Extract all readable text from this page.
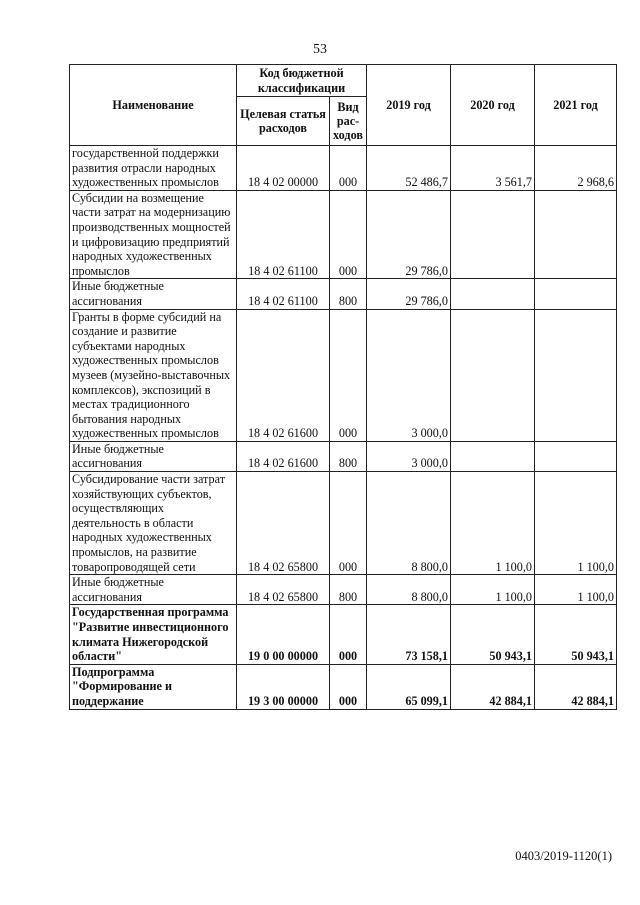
53
Наименование	Код бюджетной классификации		2019 год	2020 год	2021 год
	Целевая статья расходов	Вид рас-ходов			
государственной поддержки развития отрасли народных художественных промыслов	18 4 02 00000	000	52 486,7	3 561,7	2 968,6
Субсидии на возмещение части затрат на модернизацию производственных мощностей и цифровизацию предприятий народных художественных промыслов	18 4 02 61100	000	29 786,0		
Иные бюджетные ассигнования	18 4 02 61100	800	29 786,0		
Гранты в форме субсидий на создание и развитие субъектами народных художественных промыслов музеев (музейно-выставочных комплексов), экспозиций в местах традиционного бытования народных художественных промыслов	18 4 02 61600	000	3 000,0		
Иные бюджетные ассигнования	18 4 02 61600	800	3 000,0		
Субсидирование части затрат хозяйствующих субъектов, осуществляющих деятельность в области народных художественных промыслов, на развитие товаропроводящей сети	18 4 02 65800	000	8 800,0	1 100,0	1 100,0
Иные бюджетные ассигнования	18 4 02 65800	800	8 800,0	1 100,0	1 100,0
Государственная программа "Развитие инвестиционного климата Нижегородской области"	19 0 00 00000	000	73 158,1	50 943,1	50 943,1
Подпрограмма "Формирование и поддержание	19 3 00 00000	000	65 099,1	42 884,1	42 884,1
0403/2019-1120(1)
